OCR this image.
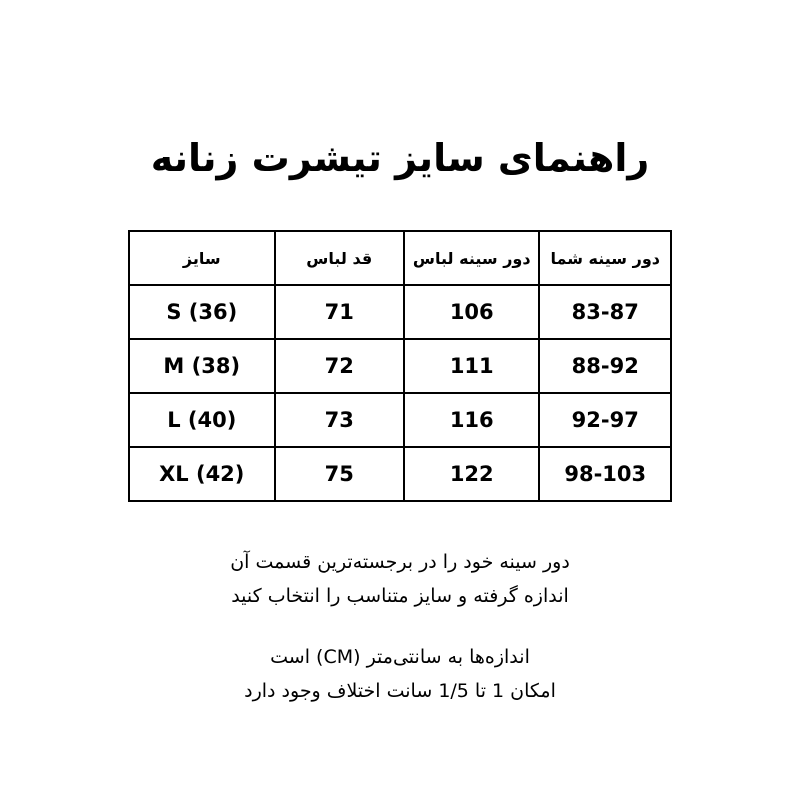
راهنمای سایز تیشرت زنانه
دور سینه شما	دور سینه لباس	قد لباس	سایز
83-87	106	71	S (36)
88-92	111	72	M (38)
92-97	116	73	L (40)
98-103	122	75	XL (42)

دور سینه خود را در برجسته‌ترین قسمت آن

اندازه گرفته و سایز متناسب را انتخاب کنید

اندازه‌ها به سانتی‌متر (CM) است

امکان 1 تا 1/5 سانت اختلاف وجود دارد
